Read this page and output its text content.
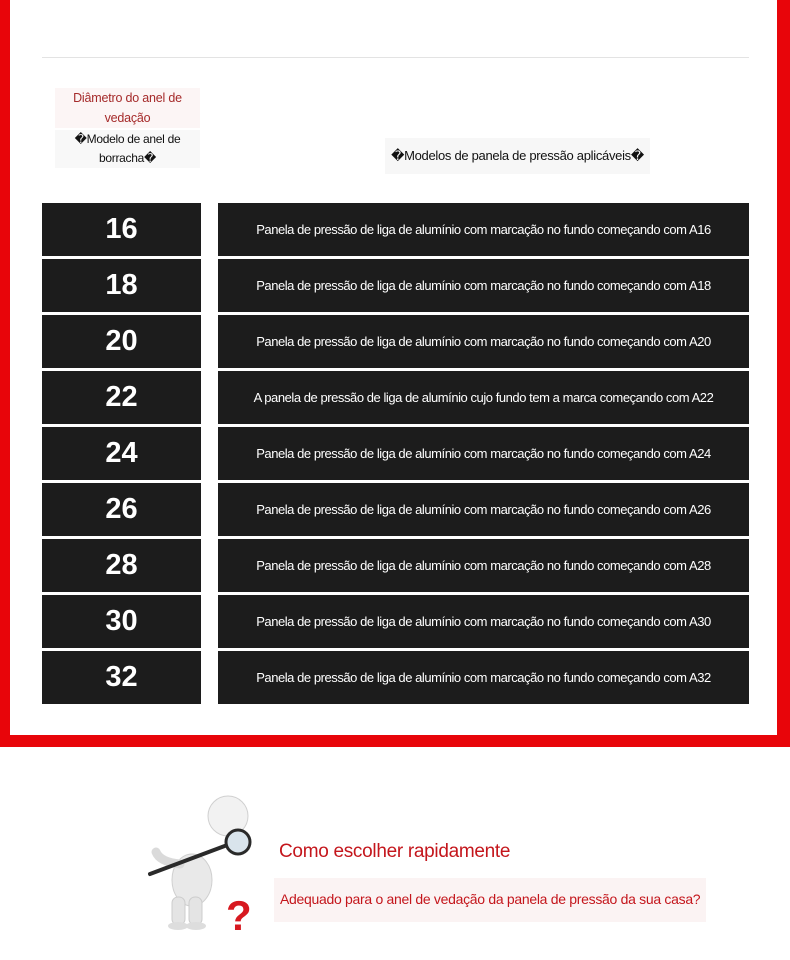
Diâmetro do anel de vedação
�Modelo de anel de borracha�	�Modelos de panela de pressão aplicáveis�
16	Panela de pressão de liga de alumínio com marcação no fundo começando com A16
18	Panela de pressão de liga de alumínio com marcação no fundo começando com A18
20	Panela de pressão de liga de alumínio com marcação no fundo começando com A20
22	A panela de pressão de liga de alumínio cujo fundo tem a marca começando com A22
24	Panela de pressão de liga de alumínio com marcação no fundo começando com A24
26	Panela de pressão de liga de alumínio com marcação no fundo começando com A26
28	Panela de pressão de liga de alumínio com marcação no fundo começando com A28
30	Panela de pressão de liga de alumínio com marcação no fundo começando com A30
32	Panela de pressão de liga de alumínio com marcação no fundo começando com A32
?
Como escolher rapidamente
Adequado para o anel de vedação da panela de pressão da sua casa?
